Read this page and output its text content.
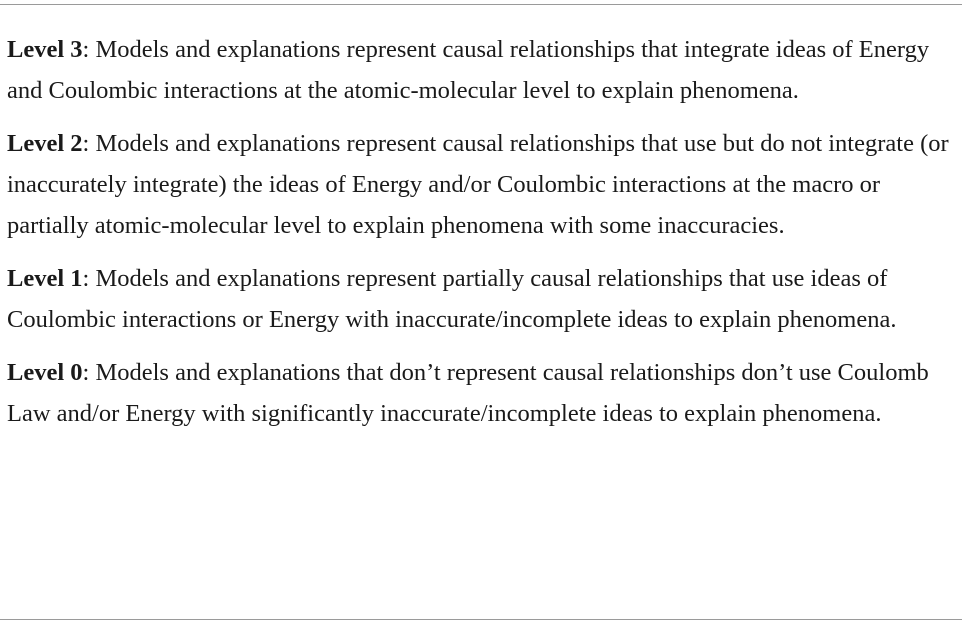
Level 3: Models and explanations represent causal relationships that integrate ideas of Energy and Coulombic interactions at the atomic-molecular level to explain phenomena.

Level 2: Models and explanations represent causal relationships that use but do not integrate (or inaccurately integrate) the ideas of Energy and/or Coulombic interactions at the macro or partially atomic-molecular level to explain phenomena with some inaccuracies.

Level 1: Models and explanations represent partially causal relationships that use ideas of Coulombic interactions or Energy with inaccurate/incomplete ideas to explain phenomena.

Level 0: Models and explanations that don’t represent causal relationships don’t use Coulomb Law and/or Energy with significantly inaccurate/incomplete ideas to explain phenomena.
